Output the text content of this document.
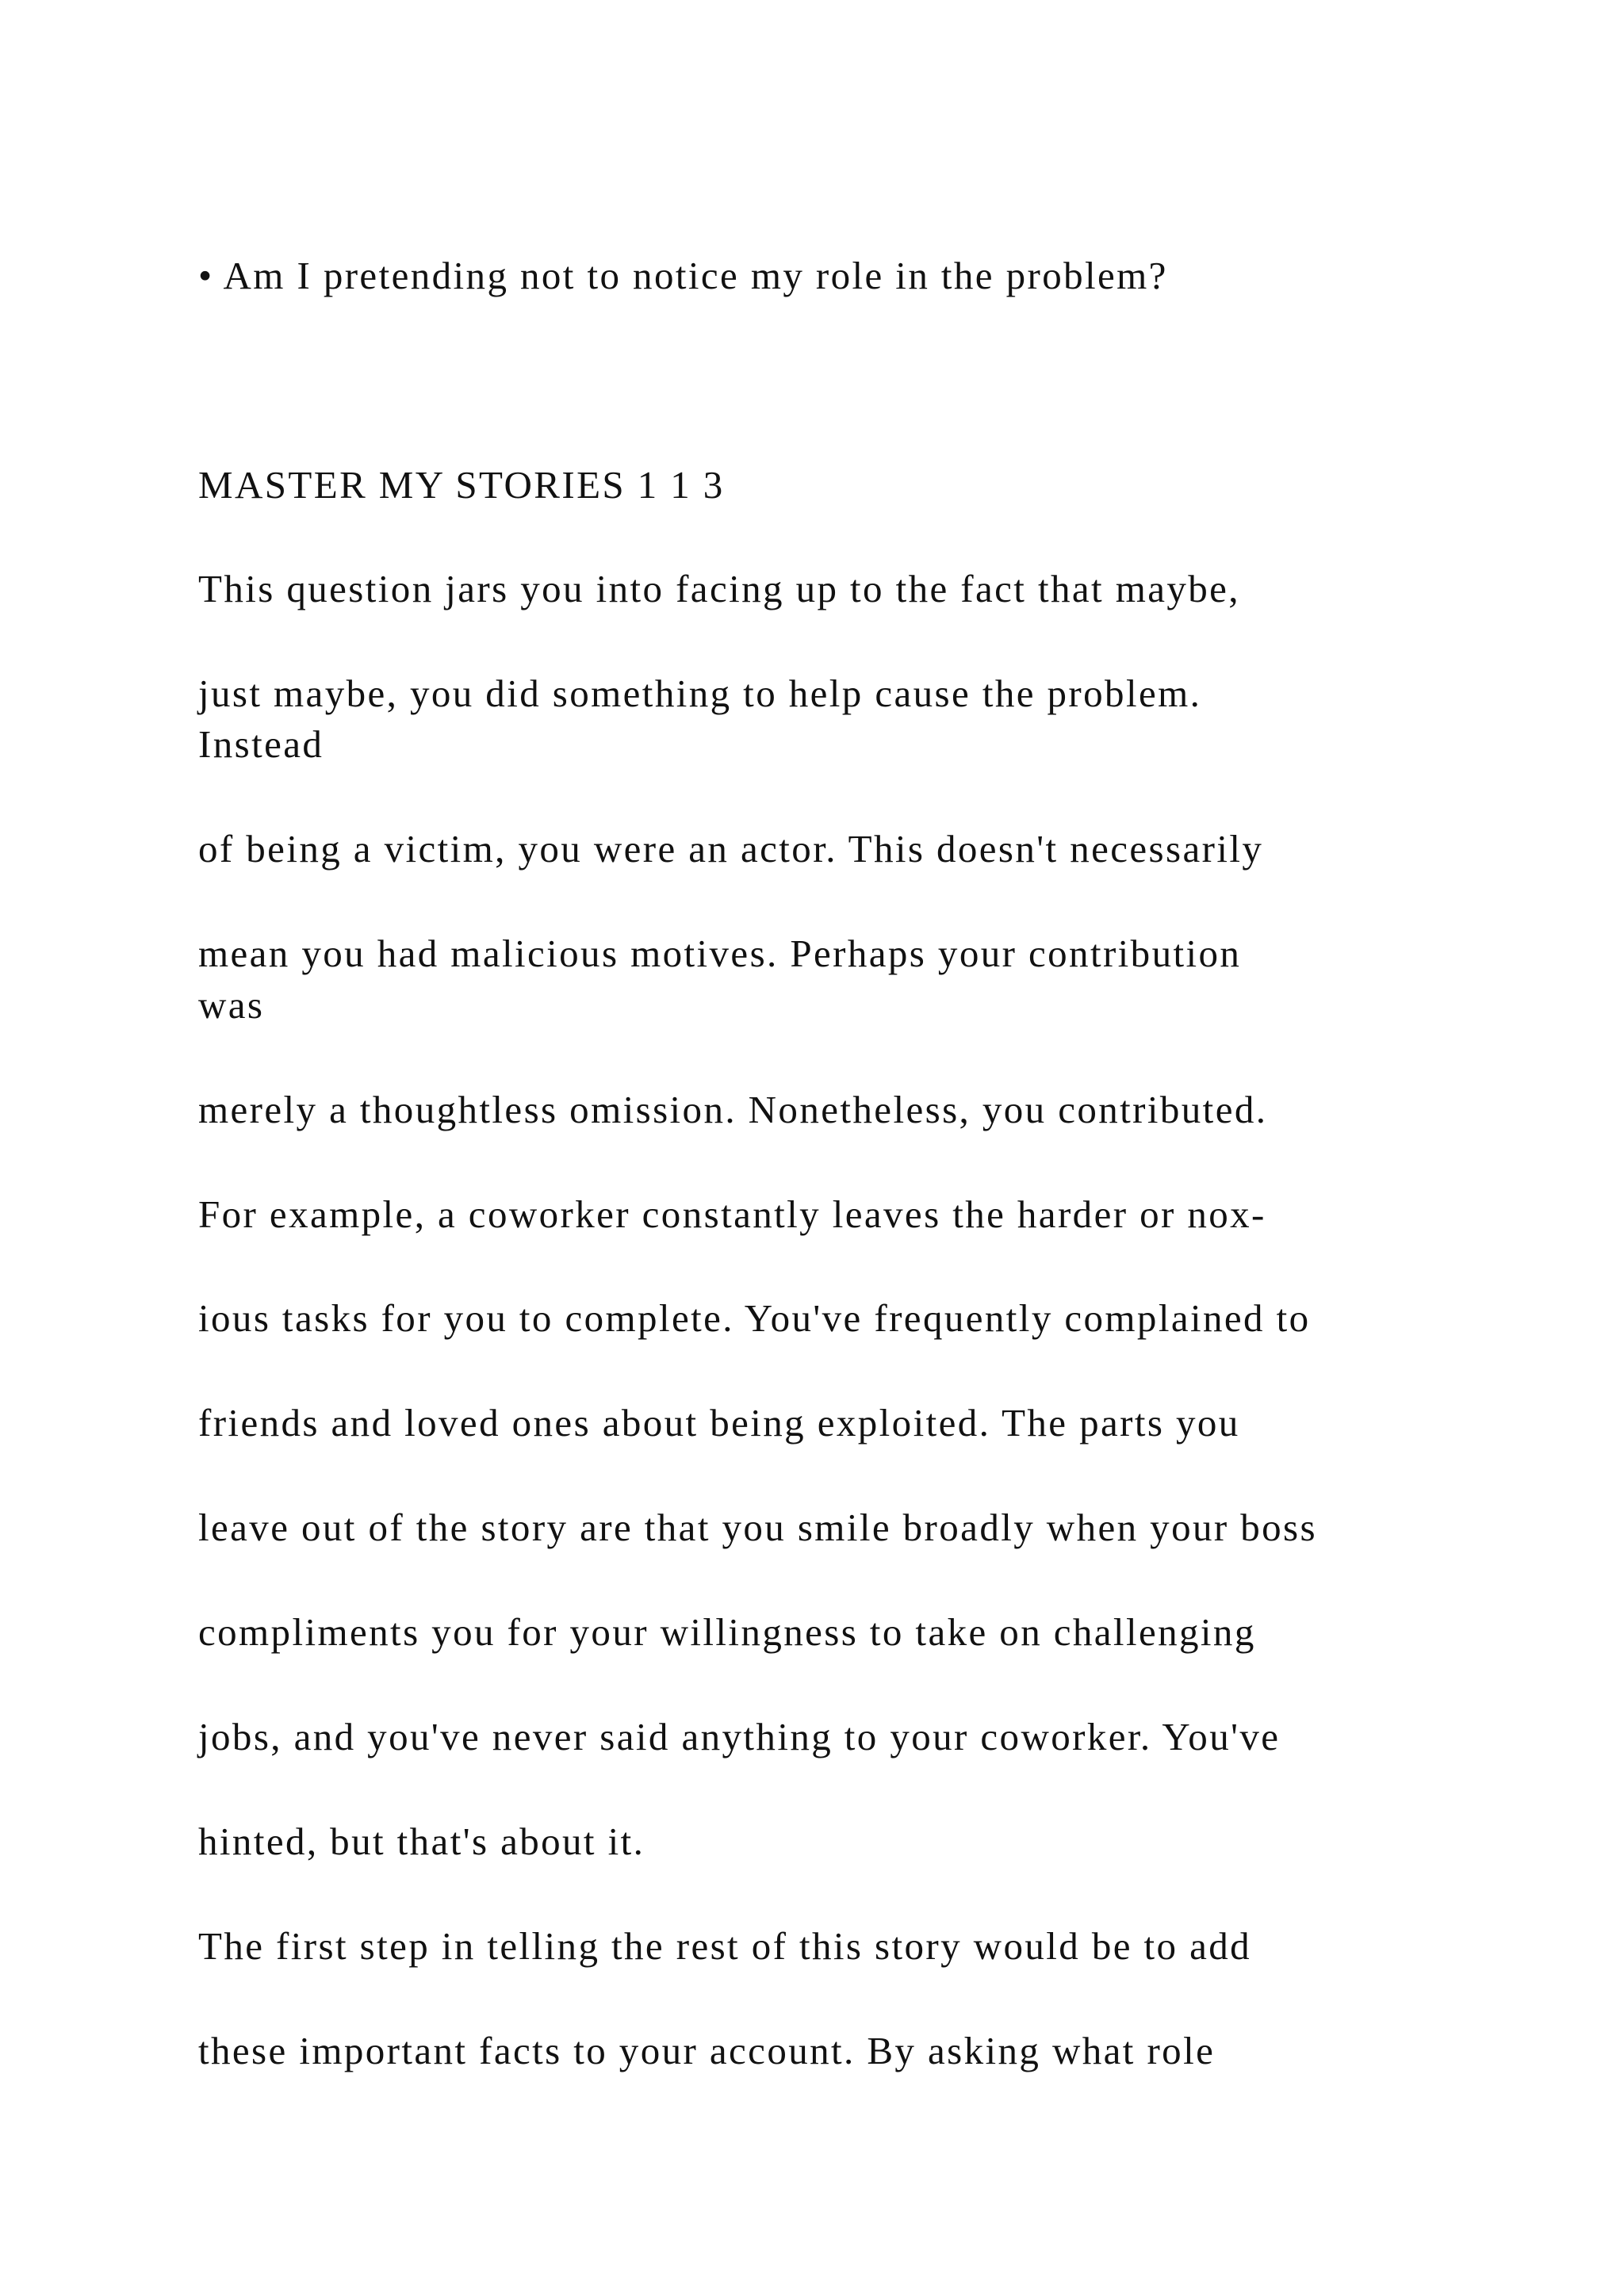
• Am I pretending not to notice my role in the problem?

MASTER MY STORIES 1 1 3

This question jars you into facing up to the fact that maybe,

just maybe, you did something to help cause the problem.

Instead

of being a victim, you were an actor. This doesn't necessarily

mean you had malicious motives. Perhaps your contribution

was

merely a thoughtless omission. Nonetheless, you contributed.

For example, a coworker constantly leaves the harder or nox-

ious tasks for you to complete. You've frequently complained to

friends and loved ones about being exploited. The parts you

leave out of the story are that you smile broadly when your boss

compliments you for your willingness to take on challenging

jobs, and you've never said anything to your coworker. You've

hinted, but that's about it.

The first step in telling the rest of this story would be to add

these important facts to your account. By asking what role
